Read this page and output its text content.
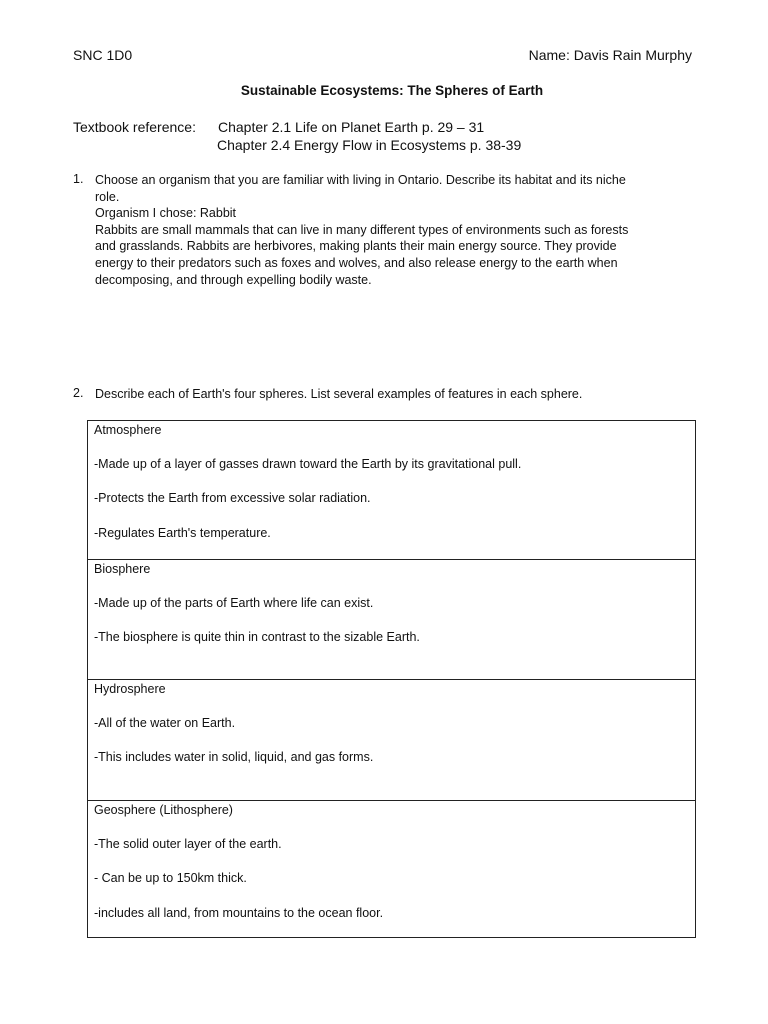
SNC 1D0	Name: Davis Rain Murphy
Sustainable Ecosystems: The Spheres of Earth
Textbook reference: Chapter 2.1 Life on Planet Earth p. 29 – 31
Chapter 2.4 Energy Flow in Ecosystems p. 38-39
1. Choose an organism that you are familiar with living in Ontario. Describe its habitat and its niche
role.
Organism I chose: Rabbit
Rabbits are small mammals that can live in many different types of environments such as forests
and grasslands. Rabbits are herbivores, making plants their main energy source. They provide
energy to their predators such as foxes and wolves, and also release energy to the earth when
decomposing, and through expelling bodily waste.
2. Describe each of Earth's four spheres. List several examples of features in each sphere.
Atmosphere
-Made up of a layer of gasses drawn toward the Earth by its gravitational pull.
-Protects the Earth from excessive solar radiation.
-Regulates Earth's temperature.
Biosphere
-Made up of the parts of Earth where life can exist.
-The biosphere is quite thin in contrast to the sizable Earth.
Hydrosphere
-All of the water on Earth.
-This includes water in solid, liquid, and gas forms.
Geosphere (Lithosphere)
-The solid outer layer of the earth.
- Can be up to 150km thick.
-includes all land, from mountains to the ocean floor.
